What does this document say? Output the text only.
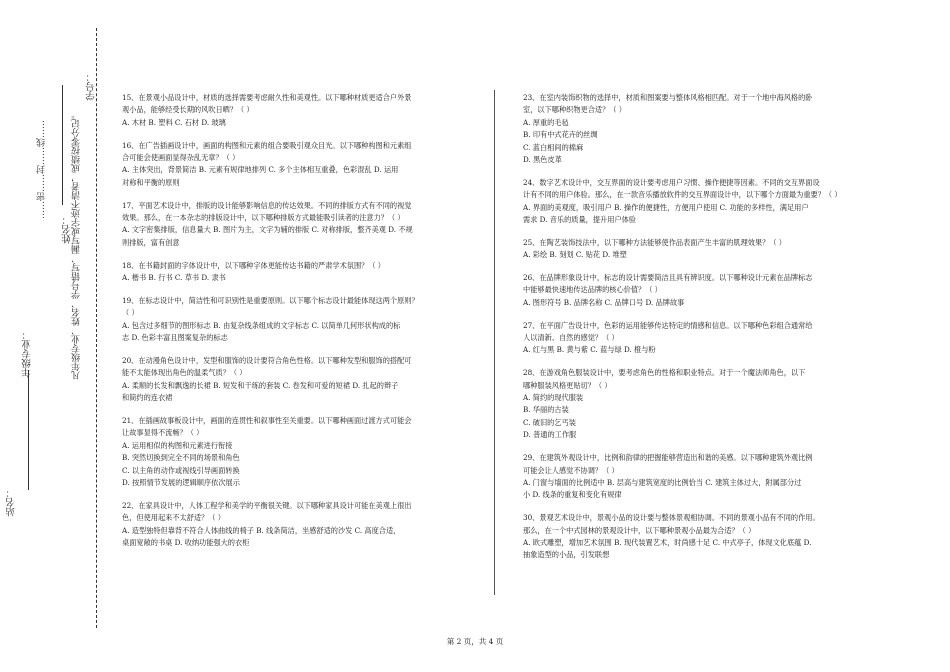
学号：
姓名：
年级专业：
站名：
凡年级专业、姓名、学号错写、漏写或字迹不清者，成绩按零分记。
……密……封……线……

15、在景观小品设计中，材质的选择需要考虑耐久性和美观性。以下哪种材质更适合户外景

观小品，能够经受长期的风吹日晒？（ ）

A. 木材 B. 塑料 C. 石材 D. 玻璃

16、在广告插画设计中，画面的构图和元素的组合要吸引观众目光。以下哪种构图和元素组

合可能会使画面显得杂乱无章？（ ）

A. 主体突出，背景简洁 B. 元素有规律地排列 C. 多个主体相互重叠，色彩混乱 D. 运用

对称和平衡的原则

17、平面艺术设计中，排版的设计能够影响信息的传达效果。不同的排版方式有不同的视觉

效果。那么，在一本杂志的排版设计中，以下哪种排版方式最能吸引读者的注意力？（ ）

A. 文字密集排版，信息量大 B. 图片为主，文字为辅的排版 C. 对称排版，整齐美观 D. 不规

则排版，富有创意

18、在书籍封面的字体设计中，以下哪种字体更能传达书籍的严肃学术氛围？（ ）

A. 楷书 B. 行书 C. 草书 D. 隶书

19、在标志设计中，简洁性和可识别性是重要原则。以下哪个标志设计最能体现这两个原则？

（ ）

A. 包含过多细节的图形标志 B. 由复杂线条组成的文字标志 C. 以简单几何形状构成的标

志 D. 色彩丰富且图案复杂的标志

20、在动漫角色设计中，发型和服饰的设计要符合角色性格。以下哪种发型和服饰的搭配可

能不太能体现出角色的温柔气质？（ ）

A. 柔顺的长发和飘逸的长裙 B. 短发和干练的套装 C. 卷发和可爱的短裙 D. 扎起的辫子

和简约的连衣裙

21、在插画故事板设计中，画面的连贯性和叙事性至关重要。以下哪种画面过渡方式可能会

让故事显得不流畅？（ ）

A. 运用相似的构图和元素进行衔接

B. 突然切换到完全不同的场景和角色

C. 以主角的动作或视线引导画面转换

D. 按照情节发展的逻辑顺序依次展示

22、在家具设计中，人体工程学和美学的平衡很关键。以下哪种家具设计可能在美观上很出

色，但使用起来不太舒适？（ ）

A. 造型独特但靠背不符合人体曲线的椅子 B. 线条简洁，坐感舒适的沙发 C. 高度合适，

桌面宽敞的书桌 D. 收纳功能强大的衣柜

23、在室内装饰织物的选择中，材质和图案要与整体风格相匹配。对于一个地中海风格的卧

室，以下哪种织物更合适？（ ）

A. 厚重的毛毡

B. 印有中式花卉的丝绸

C. 蓝白相间的棉麻

D. 黑色皮革

24、数字艺术设计中，交互界面的设计要考虑用户习惯、操作便捷等因素。不同的交互界面设

计有不同的用户体验。那么，在一款音乐播放软件的交互界面设计中，以下哪个方面最为重要？（ ）

A. 界面的美观度，吸引用户 B. 操作的便捷性，方便用户使用 C. 功能的多样性，满足用户

需求 D. 音乐的质量，提升用户体验

25、在陶艺装饰技法中，以下哪种方法能够使作品表面产生丰富的肌理效果？（ ）

A. 彩绘 B. 刻划 C. 贴花 D. 堆塑

26、在品牌形象设计中，标志的设计需要简洁且具有辨识度。以下哪种设计元素在品牌标志

中能够最快速地传达品牌的核心价值？（ ）

A. 图形符号 B. 品牌名称 C. 品牌口号 D. 品牌故事

27、在平面广告设计中，色彩的运用能够传达特定的情感和信息。以下哪种色彩组合通常给

人以清新、自然的感觉？（ ）

A. 红与黑 B. 黄与紫 C. 蓝与绿 D. 橙与粉

28、在游戏角色服装设计中，要考虑角色的性格和职业特点。对于一个魔法师角色，以下

哪种服装风格更贴切？（ ）

A. 简约的现代服装

B. 华丽的古装

C. 破旧的乞丐装

D. 普通的工作服

29、在建筑外观设计中，比例和韵律的把握能够营造出和谐的美感。以下哪种建筑外观比例

可能会让人感觉不协调？（ ）

A. 门窗与墙面的比例适中 B. 层高与建筑宽度的比例恰当 C. 建筑主体过大，附属部分过

小 D. 线条的重复和变化有规律

30、景观艺术设计中，景观小品的设计要与整体景观相协调。不同的景观小品有不同的作用。

那么，在一个中式园林的景观设计中，以下哪种景观小品最为合适？（ ）

A. 欧式雕塑，增加艺术氛围 B. 现代装置艺术，时尚感十足 C. 中式亭子，体现文化底蕴 D.

抽象造型的小品，引发联想

第 2 页，共 4 页
